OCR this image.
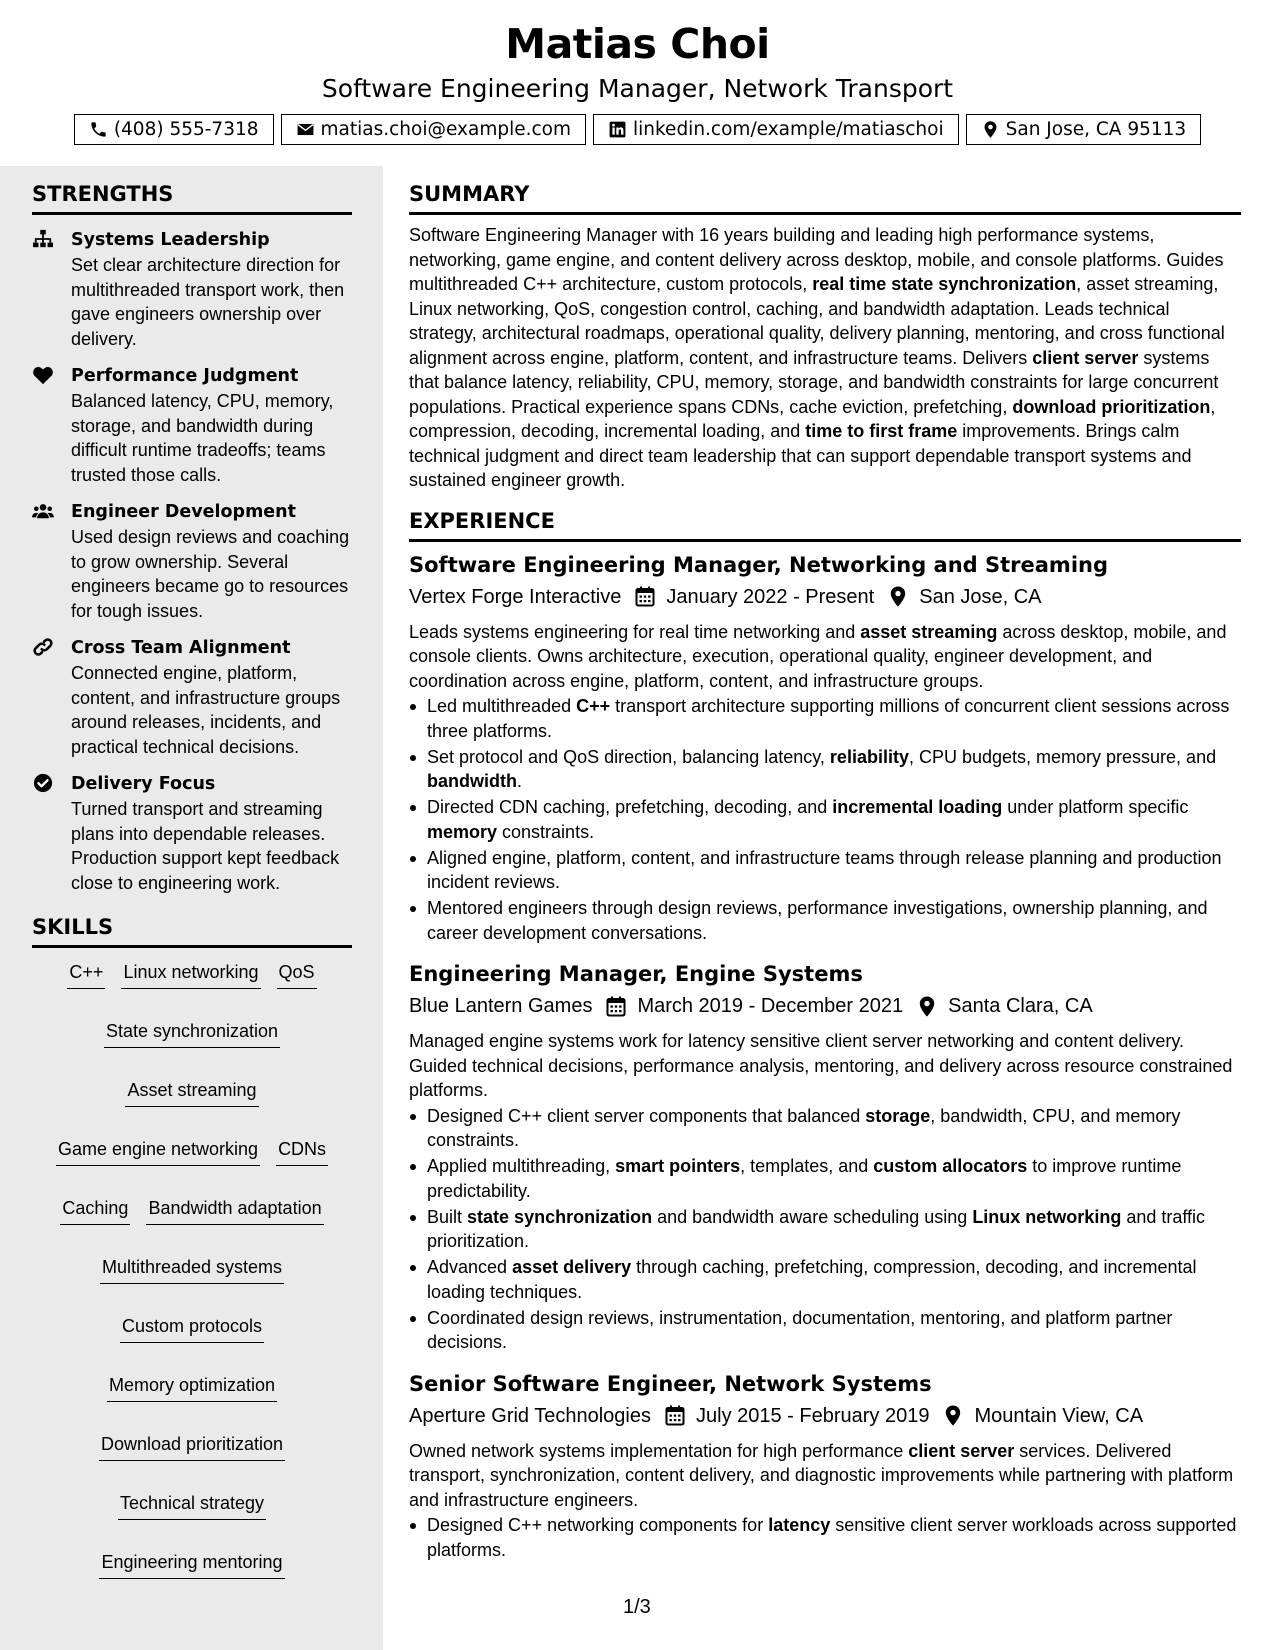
Matias Choi
Software Engineering Manager, Network Transport
(408) 555-7318	matias.choi@example.com	linkedin.com/example/matiaschoi	San Jose, CA 95113
STRENGTHS
Systems Leadership
Set clear architecture direction for multithreaded transport work, then gave engineers ownership over delivery.
Performance Judgment
Balanced latency, CPU, memory, storage, and bandwidth during difficult runtime tradeoffs; teams trusted those calls.
Engineer Development
Used design reviews and coaching to grow ownership. Several engineers became go to resources for tough issues.
Cross Team Alignment
Connected engine, platform, content, and infrastructure groups around releases, incidents, and practical technical decisions.
Delivery Focus
Turned transport and streaming plans into dependable releases. Production support kept feedback close to engineering work.
SKILLS
C++ Linux networking QoS
State synchronization
Asset streaming
Game engine networking CDNs
Caching Bandwidth adaptation
Multithreaded systems
Custom protocols
Memory optimization
Download prioritization
Technical strategy
Engineering mentoring
SUMMARY

Software Engineering Manager with 16 years building and leading high performance systems, networking, game engine, and content delivery across desktop, mobile, and console platforms. Guides multithreaded C++ architecture, custom protocols, real time state synchronization, asset streaming, Linux networking, QoS, congestion control, caching, and bandwidth adaptation. Leads technical strategy, architectural roadmaps, operational quality, delivery planning, mentoring, and cross functional alignment across engine, platform, content, and infrastructure teams. Delivers client server systems that balance latency, reliability, CPU, memory, storage, and bandwidth constraints for large concurrent populations. Practical experience spans CDNs, cache eviction, prefetching, download prioritization, compression, decoding, incremental loading, and time to first frame improvements. Brings calm technical judgment and direct team leadership that can support dependable transport systems and sustained engineer growth.

EXPERIENCE
Software Engineering Manager, Networking and Streaming
Vertex Forge Interactive January 2022 - Present San Jose, CA

Leads systems engineering for real time networking and asset streaming across desktop, mobile, and console clients. Owns architecture, execution, operational quality, engineer development, and coordination across engine, platform, content, and infrastructure groups.

Led multithreaded C++ transport architecture supporting millions of concurrent client sessions across three platforms.
Set protocol and QoS direction, balancing latency, reliability, CPU budgets, memory pressure, and bandwidth.
Directed CDN caching, prefetching, decoding, and incremental loading under platform specific memory constraints.
Aligned engine, platform, content, and infrastructure teams through release planning and production incident reviews.
Mentored engineers through design reviews, performance investigations, ownership planning, and career development conversations.
Engineering Manager, Engine Systems
Blue Lantern Games March 2019 - December 2021 Santa Clara, CA

Managed engine systems work for latency sensitive client server networking and content delivery. Guided technical decisions, performance analysis, mentoring, and delivery across resource constrained platforms.

Designed C++ client server components that balanced storage, bandwidth, CPU, and memory constraints.
Applied multithreading, smart pointers, templates, and custom allocators to improve runtime predictability.
Built state synchronization and bandwidth aware scheduling using Linux networking and traffic prioritization.
Advanced asset delivery through caching, prefetching, compression, decoding, and incremental loading techniques.
Coordinated design reviews, instrumentation, documentation, mentoring, and platform partner decisions.
Senior Software Engineer, Network Systems
Aperture Grid Technologies July 2015 - February 2019 Mountain View, CA

Owned network systems implementation for high performance client server services. Delivered transport, synchronization, content delivery, and diagnostic improvements while partnering with platform and infrastructure engineers.

Designed C++ networking components for latency sensitive client server workloads across supported platforms.
1/3
